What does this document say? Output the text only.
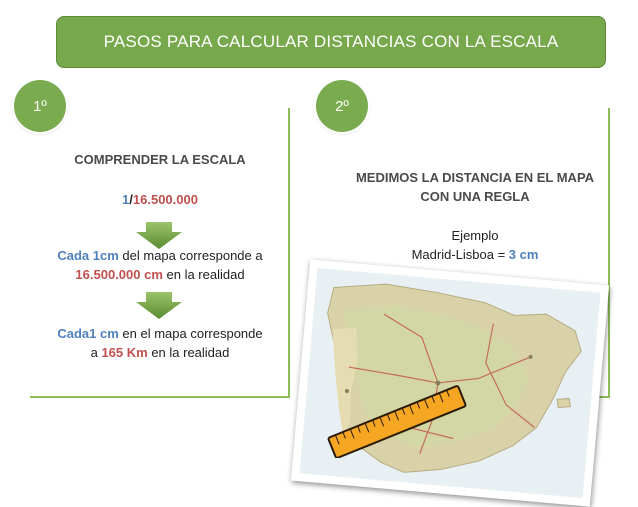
PASOS PARA CALCULAR DISTANCIAS CON LA ESCALA
1º
COMPRENDER LA ESCALA
1/16.500.000
Cada 1cm del mapa corresponde a
16.500.000 cm en la realidad
Cada1 cm en el mapa corresponde
a 165 Km en la realidad
2º
MEDIMOS LA DISTANCIA EN EL MAPA
CON UNA REGLA
Ejemplo
Madrid-Lisboa = 3 cm
